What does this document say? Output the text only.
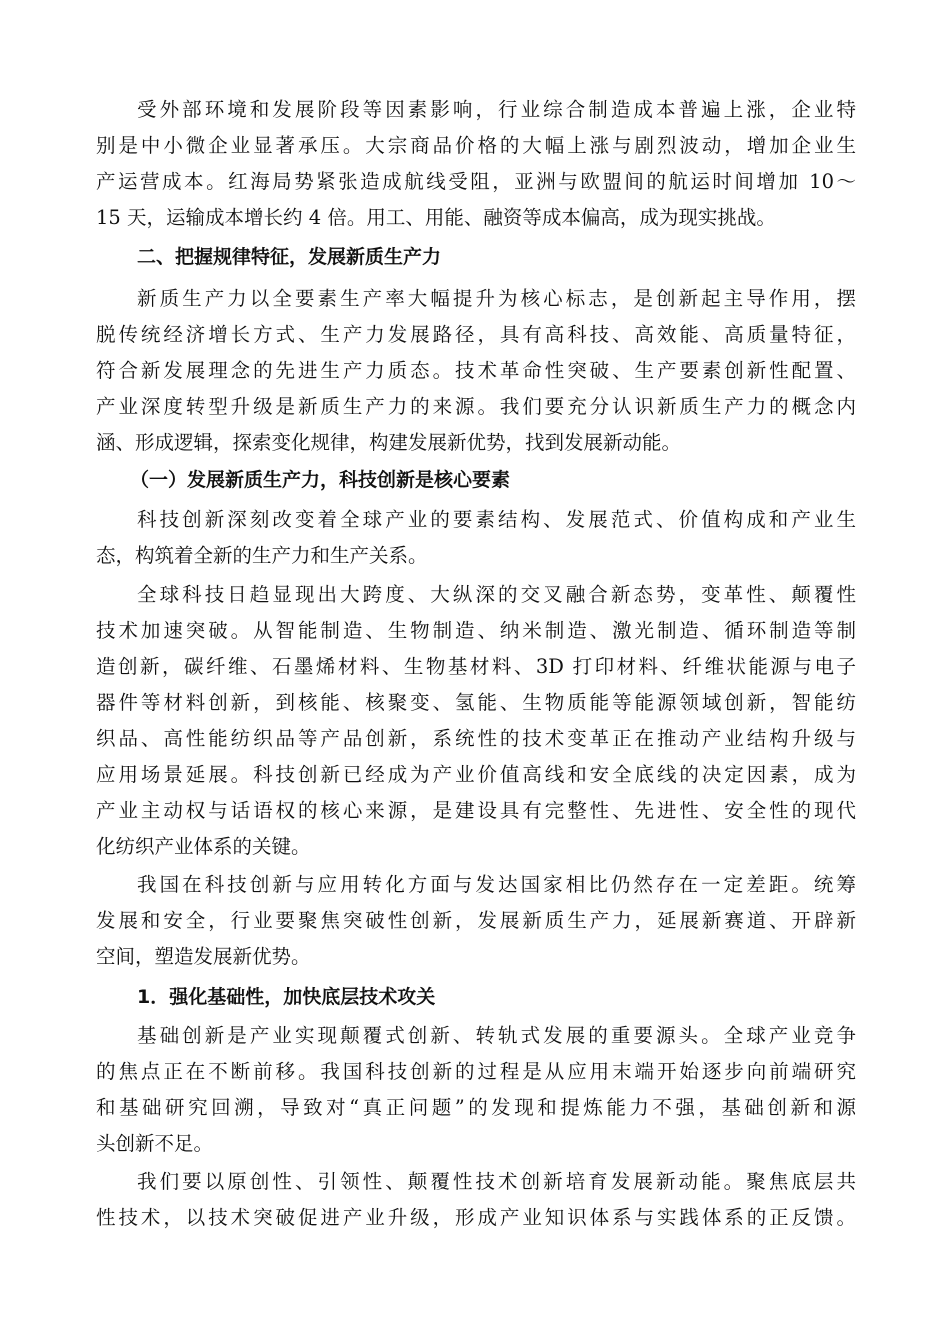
受外部环境和发展阶段等因素影响，行业综合制造成本普遍上涨，企业特
别是中小微企业显著承压。大宗商品价格的大幅上涨与剧烈波动，增加企业生
产运营成本。红海局势紧张造成航线受阻，亚洲与欧盟间的航运时间增加 10～
15 天，运输成本增长约 4 倍。用工、用能、融资等成本偏高，成为现实挑战。
二、把握规律特征，发展新质生产力
新质生产力以全要素生产率大幅提升为核心标志，是创新起主导作用，摆
脱传统经济增长方式、生产力发展路径，具有高科技、高效能、高质量特征，
符合新发展理念的先进生产力质态。技术革命性突破、生产要素创新性配置、
产业深度转型升级是新质生产力的来源。我们要充分认识新质生产力的概念内
涵、形成逻辑，探索变化规律，构建发展新优势，找到发展新动能。
（一）发展新质生产力，科技创新是核心要素
科技创新深刻改变着全球产业的要素结构、发展范式、价值构成和产业生
态，构筑着全新的生产力和生产关系。
全球科技日趋显现出大跨度、大纵深的交叉融合新态势，变革性、颠覆性
技术加速突破。从智能制造、生物制造、纳米制造、激光制造、循环制造等制
造创新，碳纤维、石墨烯材料、生物基材料、3D 打印材料、纤维状能源与电子
器件等材料创新，到核能、核聚变、氢能、生物质能等能源领域创新，智能纺
织品、高性能纺织品等产品创新，系统性的技术变革正在推动产业结构升级与
应用场景延展。科技创新已经成为产业价值高线和安全底线的决定因素，成为
产业主动权与话语权的核心来源，是建设具有完整性、先进性、安全性的现代
化纺织产业体系的关键。
我国在科技创新与应用转化方面与发达国家相比仍然存在一定差距。统筹
发展和安全，行业要聚焦突破性创新，发展新质生产力，延展新赛道、开辟新
空间，塑造发展新优势。
1．强化基础性，加快底层技术攻关
基础创新是产业实现颠覆式创新、转轨式发展的重要源头。全球产业竞争
的焦点正在不断前移。我国科技创新的过程是从应用末端开始逐步向前端研究
和基础研究回溯，导致对“真正问题”的发现和提炼能力不强，基础创新和源
头创新不足。
我们要以原创性、引领性、颠覆性技术创新培育发展新动能。聚焦底层共
性技术，以技术突破促进产业升级，形成产业知识体系与实践体系的正反馈。
